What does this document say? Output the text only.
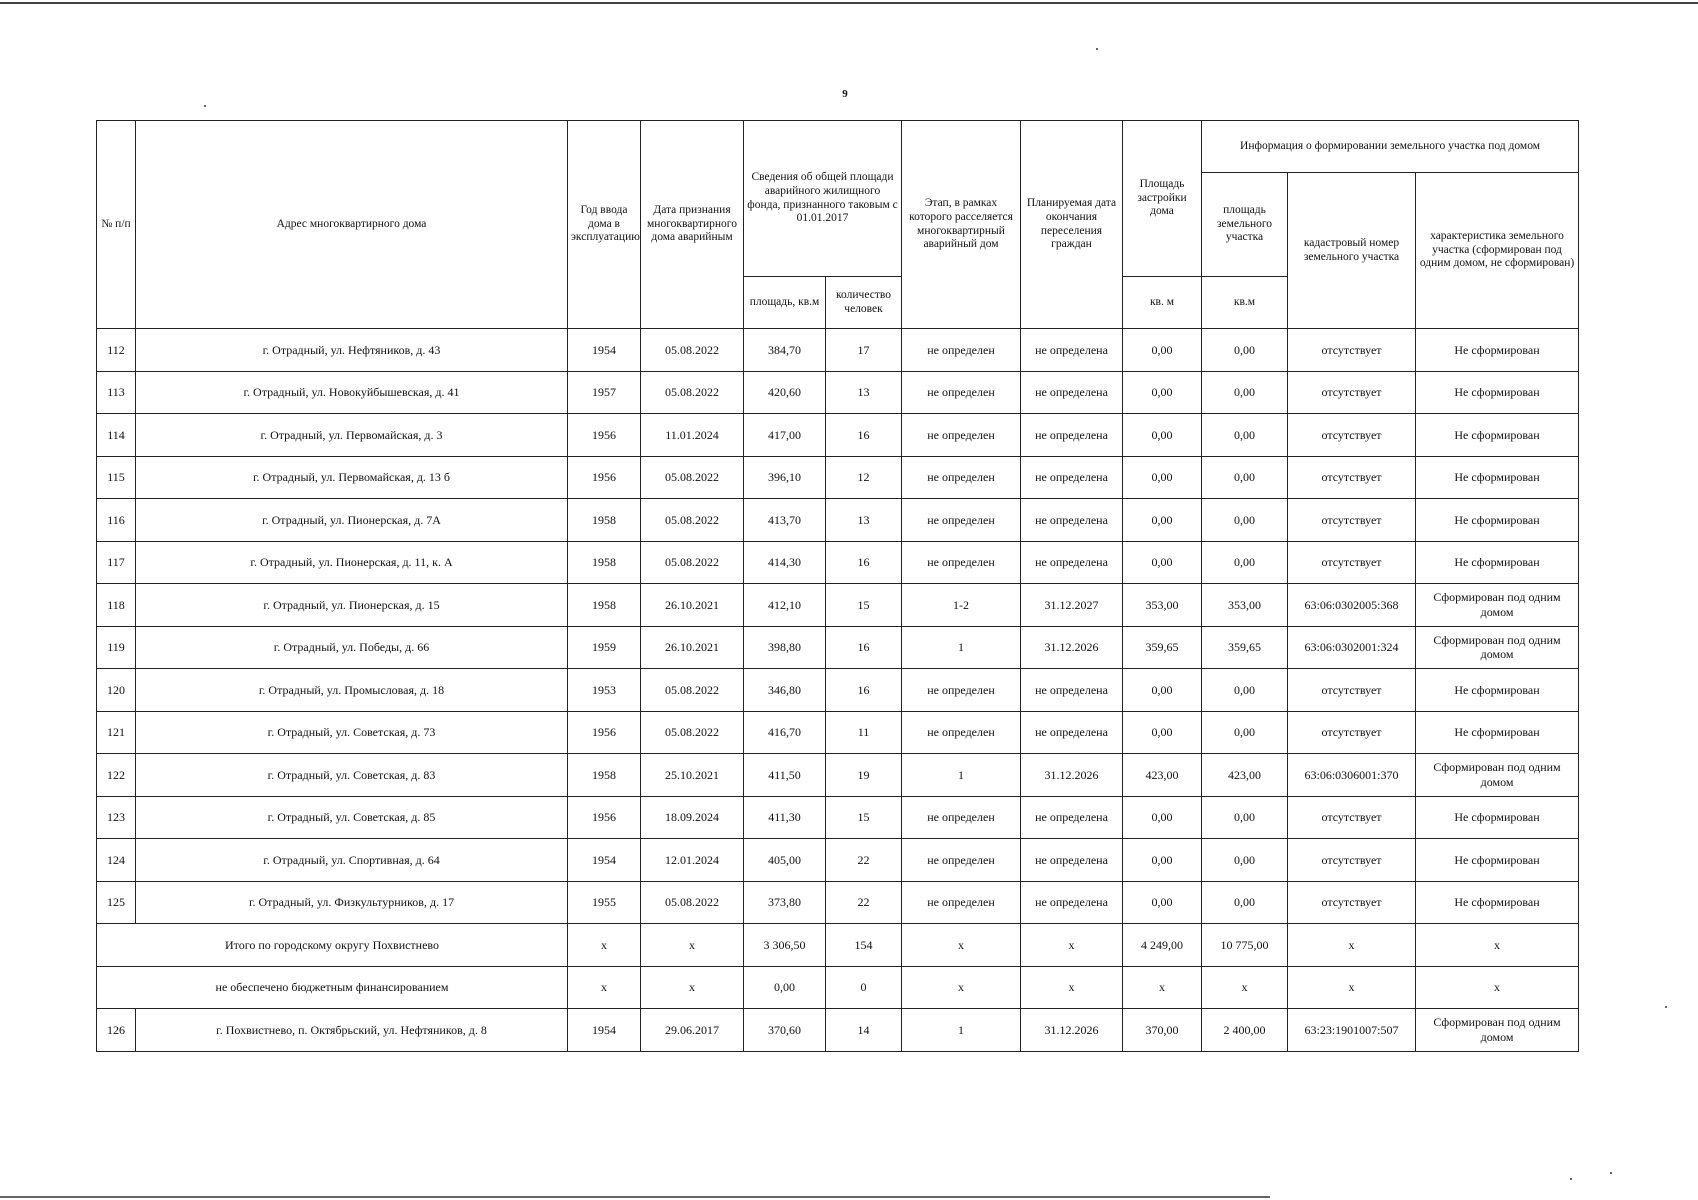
9
№ п/п	Адрес многоквартирного дома	Год ввода дома в эксплуатацию	Дата признания многоквартирного дома аварийным	Сведения об общей площади аварийного жилищного фонда, признанного таковым с 01.01.2017		Этап, в рамках которого расселяется многоквартирный аварийный дом	Планируемая дата окончания переселения граждан	Площадь застройки дома	Информация о формировании земельного участка под домом		
									площадь земельного участка	кадастровый номер земельного участка	характеристика земельного участка (сформирован под одним домом, не сформирован)
				площадь, кв.м	количество человек			кв. м	кв.м		
112	г. Отрадный, ул. Нефтяников, д. 43	1954	05.08.2022	384,70	17	не определен	не определена	0,00	0,00	отсутствует	Не сформирован
113	г. Отрадный, ул. Новокуйбышевская, д. 41	1957	05.08.2022	420,60	13	не определен	не определена	0,00	0,00	отсутствует	Не сформирован
114	г. Отрадный, ул. Первомайская, д. 3	1956	11.01.2024	417,00	16	не определен	не определена	0,00	0,00	отсутствует	Не сформирован
115	г. Отрадный, ул. Первомайская, д. 13 б	1956	05.08.2022	396,10	12	не определен	не определена	0,00	0,00	отсутствует	Не сформирован
116	г. Отрадный, ул. Пионерская, д. 7А	1958	05.08.2022	413,70	13	не определен	не определена	0,00	0,00	отсутствует	Не сформирован
117	г. Отрадный, ул. Пионерская, д. 11, к. А	1958	05.08.2022	414,30	16	не определен	не определена	0,00	0,00	отсутствует	Не сформирован
118	г. Отрадный, ул. Пионерская, д. 15	1958	26.10.2021	412,10	15	1-2	31.12.2027	353,00	353,00	63:06:0302005:368	Сформирован под одним домом
119	г. Отрадный, ул. Победы, д. 66	1959	26.10.2021	398,80	16	1	31.12.2026	359,65	359,65	63:06:0302001:324	Сформирован под одним домом
120	г. Отрадный, ул. Промысловая, д. 18	1953	05.08.2022	346,80	16	не определен	не определена	0,00	0,00	отсутствует	Не сформирован
121	г. Отрадный, ул. Советская, д. 73	1956	05.08.2022	416,70	11	не определен	не определена	0,00	0,00	отсутствует	Не сформирован
122	г. Отрадный, ул. Советская, д. 83	1958	25.10.2021	411,50	19	1	31.12.2026	423,00	423,00	63:06:0306001:370	Сформирован под одним домом
123	г. Отрадный, ул. Советская, д. 85	1956	18.09.2024	411,30	15	не определен	не определена	0,00	0,00	отсутствует	Не сформирован
124	г. Отрадный, ул. Спортивная, д. 64	1954	12.01.2024	405,00	22	не определен	не определена	0,00	0,00	отсутствует	Не сформирован
125	г. Отрадный, ул. Физкультурников, д. 17	1955	05.08.2022	373,80	22	не определен	не определена	0,00	0,00	отсутствует	Не сформирован
Итого по городскому округу Похвистнево		x	x	3 306,50	154	x	x	4 249,00	10 775,00	x	x
не обеспечено бюджетным финансированием		x	x	0,00	0	x	x	x	x	x	x
126	г. Похвистнево, п. Октябрьский, ул. Нефтяников, д. 8	1954	29.06.2017	370,60	14	1	31.12.2026	370,00	2 400,00	63:23:1901007:507	Сформирован под одним домом
